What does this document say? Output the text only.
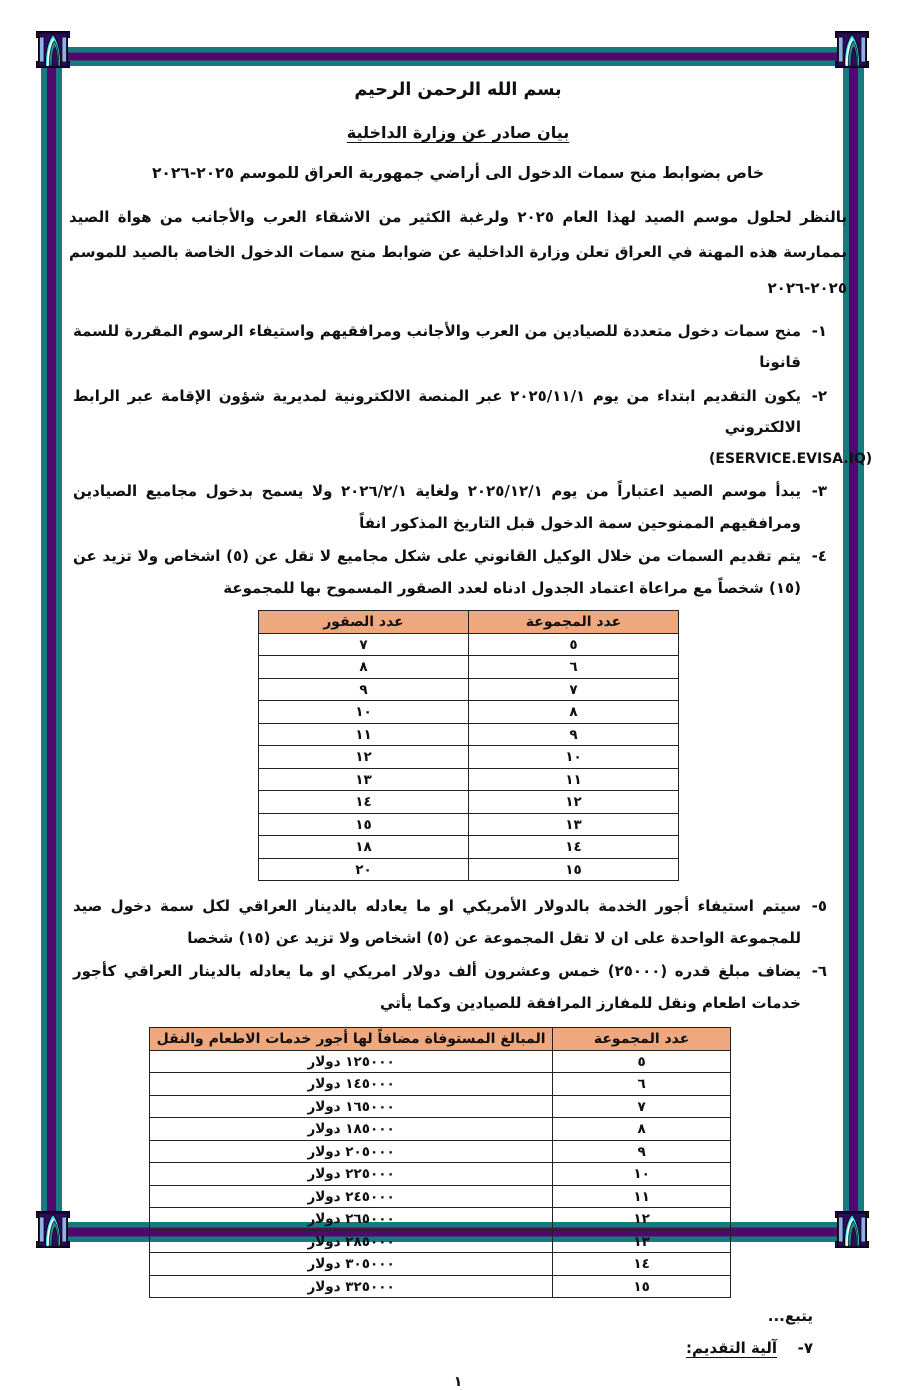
بسم الله الرحمن الرحيم
بيان صادر عن وزارة الداخلية
خاص بضوابط منح سمات الدخول الى أراضي جمهورية العراق للموسم ٢٠٢٥-٢٠٢٦

بالنظر لحلول موسم الصيد لهذا العام ٢٠٢٥ ولرغبة الكثير من الاشقاء العرب والأجانب من هواة الصيد بممارسة هذه المهنة في العراق تعلن وزارة الداخلية عن ضوابط منح سمات الدخول الخاصة بالصيد للموسم ٢٠٢٥-٢٠٢٦

١-
منح سمات دخول متعددة للصيادين من العرب والأجانب ومرافقيهم واستيفاء الرسوم المقررة للسمة قانونا
٢-
يكون التقديم ابتداء من يوم ٢٠٢٥/١١/١ عبر المنصة الالكترونية لمديرية شؤون الإقامة عبر الرابط الالكتروني
(ESERVICE.EVISA.IQ)
٣-
يبدأ موسم الصيد اعتباراً من يوم ٢٠٢٥/١٢/١ ولغاية ٢٠٢٦/٢/١ ولا يسمح بدخول مجاميع الصيادين ومرافقيهم الممنوحين سمة الدخول قبل التاريخ المذكور انفاً
٤-
يتم تقديم السمات من خلال الوكيل القانوني على شكل مجاميع لا تقل عن (٥) اشخاص ولا تزيد عن (١٥) شخصاً مع مراعاة اعتماد الجدول ادناه لعدد الصقور المسموح بها للمجموعة
عدد المجموعة	عدد الصقور
٥	٧
٦	٨
٧	٩
٨	١٠
٩	١١
١٠	١٢
١١	١٣
١٢	١٤
١٣	١٥
١٤	١٨
١٥	٢٠
٥-
سيتم استيفاء أجور الخدمة بالدولار الأمريكي او ما يعادله بالدينار العراقي لكل سمة دخول صيد للمجموعة الواحدة على ان لا تقل المجموعة عن (٥) اشخاص ولا تزيد عن (١٥) شخصا
٦-
يضاف مبلغ قدره (٢٥٠٠٠) خمس وعشرون ألف دولار امريكي او ما يعادله بالدينار العراقي كأجور خدمات اطعام ونقل للمفارز المرافقة للصيادين وكما يأتي
عدد المجموعة	المبالغ المستوفاة مضافاً لها أجور خدمات الاطعام والنقل
٥	١٢٥٠٠٠ دولار
٦	١٤٥٠٠٠ دولار
٧	١٦٥٠٠٠ دولار
٨	١٨٥٠٠٠ دولار
٩	٢٠٥٠٠٠ دولار
١٠	٢٢٥٠٠٠ دولار
١١	٢٤٥٠٠٠ دولار
١٢	٢٦٥٠٠٠ دولار
١٣	٢٨٥٠٠٠ دولار
١٤	٣٠٥٠٠٠ دولار
١٥	٣٢٥٠٠٠ دولار
يتبع...
٧-
آلية التقديم:
١
